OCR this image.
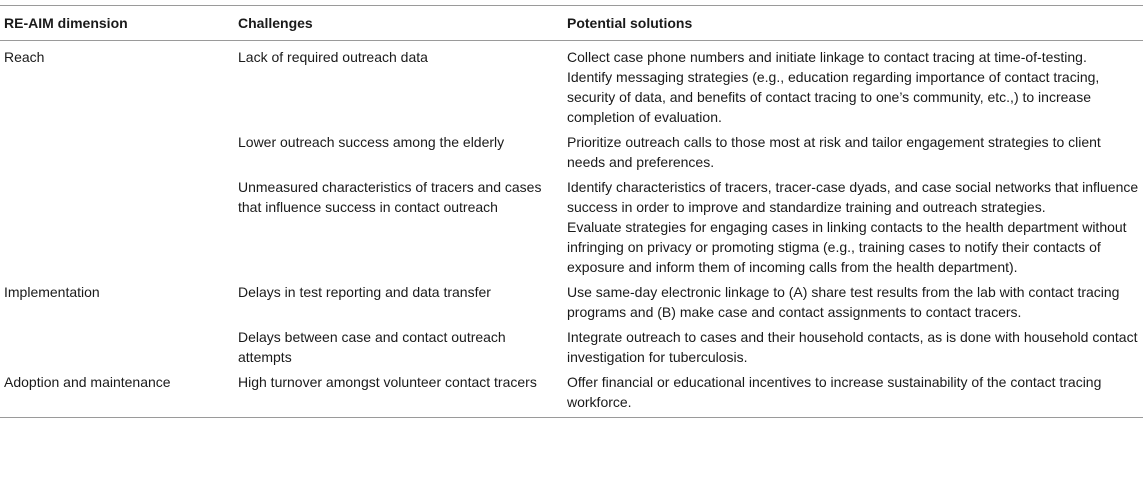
RE-AIM dimension	Challenges	Potential solutions
Reach	Lack of required outreach data	Collect case phone numbers and initiate linkage to contact tracing at time-of-testing.

Identify messaging strategies (e.g., education regarding importance of contact tracing, security of data, and benefits of contact tracing to one’s community, etc.,) to increase completion of evaluation.

	Lower outreach success among the elderly	Prioritize outreach calls to those most at risk and tailor engagement strategies to client needs and preferences.

	Unmeasured characteristics of tracers and cases that influence success in contact outreach	Identify characteristics of tracers, tracer-case dyads, and case social networks that influence success in order to improve and standardize training and outreach strategies.

Evaluate strategies for engaging cases in linking contacts to the health department without infringing on privacy or promoting stigma (e.g., training cases to notify their contacts of exposure and inform them of incoming calls from the health department).

Implementation	Delays in test reporting and data transfer	Use same-day electronic linkage to (A) share test results from the lab with contact tracing programs and (B) make case and contact assignments to contact tracers.

	Delays between case and contact outreach attempts	Integrate outreach to cases and their household contacts, as is done with household contact investigation for tuberculosis.

Adoption and maintenance	High turnover amongst volunteer contact tracers	Offer financial or educational incentives to increase sustainability of the contact tracing workforce.
